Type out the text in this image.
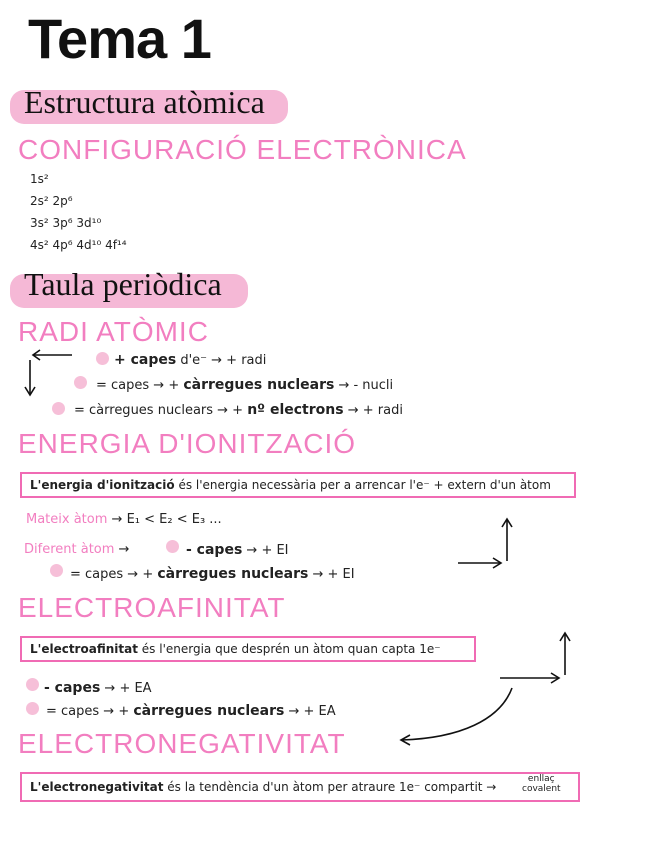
Tema 1
Estructura atòmica
CONFIGURACIÓ ELECTRÒNICA
1s²
2s² 2p⁶
3s² 3p⁶ 3d¹⁰
4s² 4p⁶ 4d¹⁰ 4f¹⁴
Taula periòdica
RADI ATÒMIC
+ capes d'e⁻ → + radi
= capes → + càrregues nuclears → - nucli
= càrregues nuclears → + nº electrons → + radi
ENERGIA D'IONITZACIÓ
L'energia d'ionització és l'energia necessària per a arrencar l'e⁻ + extern d'un àtom
Mateix àtom → E₁ < E₂ < E₃ ...
Diferent àtom →	- capes → + EI
= capes → + càrregues nuclears → + EI
ELECTROAFINITAT
L'electroafinitat és l'energia que desprén un àtom quan capta 1e⁻
- capes → + EA
= capes → + càrregues nuclears → + EA
ELECTRONEGATIVITAT
L'electronegativitat és la tendència d'un àtom per atraure 1e⁻ compartit →
enllaç
covalent
